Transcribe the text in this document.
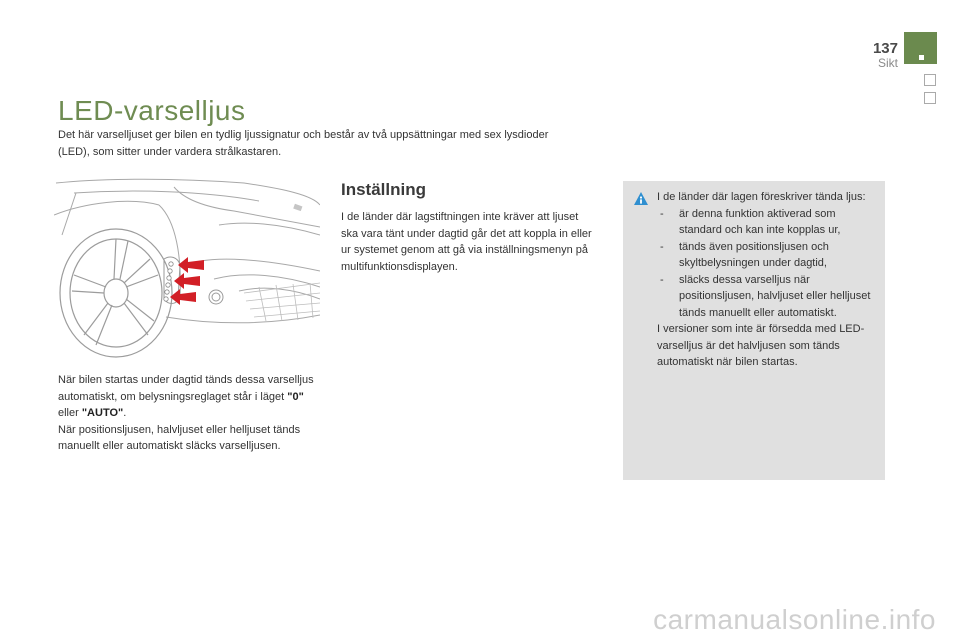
137
Sikt
LED-varselljus

Det här varselljuset ger bilen en tydlig ljussignatur och består av två uppsättningar med sex lysdioder (LED), som sitter under vardera strålkastaren.

När bilen startas under dagtid tänds dessa varselljus automatiskt, om belysningsreglaget står i läget "0" eller "AUTO".

När positionsljusen, halvljuset eller helljuset tänds manuellt eller automatiskt släcks varselljusen.

Inställning

I de länder där lagstiftningen inte kräver att ljuset ska vara tänt under dagtid går det att koppla in eller ur systemet genom att gå via inställningsmenyn på multifunktionsdisplayen.

I de länder där lagen föreskriver tända ljus:

- är denna funktion aktiverad som standard och kan inte kopplas ur,
- tänds även positionsljusen och skyltbelysningen under dagtid,
- släcks dessa varselljus när positionsljusen, halvljuset eller helljuset tänds manuellt eller automatiskt.

I versioner som inte är försedda med LED-varselljus är det halvljusen som tänds automatiskt när bilen startas.

carmanualsonline.info
